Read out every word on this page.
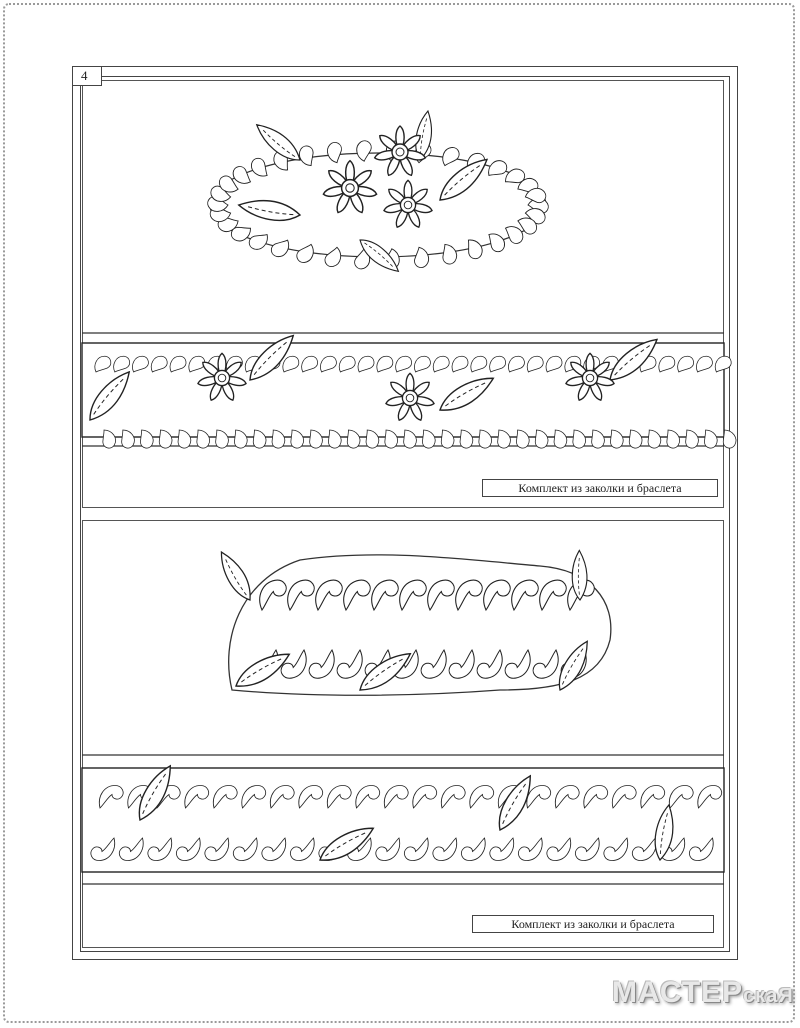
4
Комплект из заколки и браслета
Комплект из заколки и браслета
МАСТЕРскаЯ
